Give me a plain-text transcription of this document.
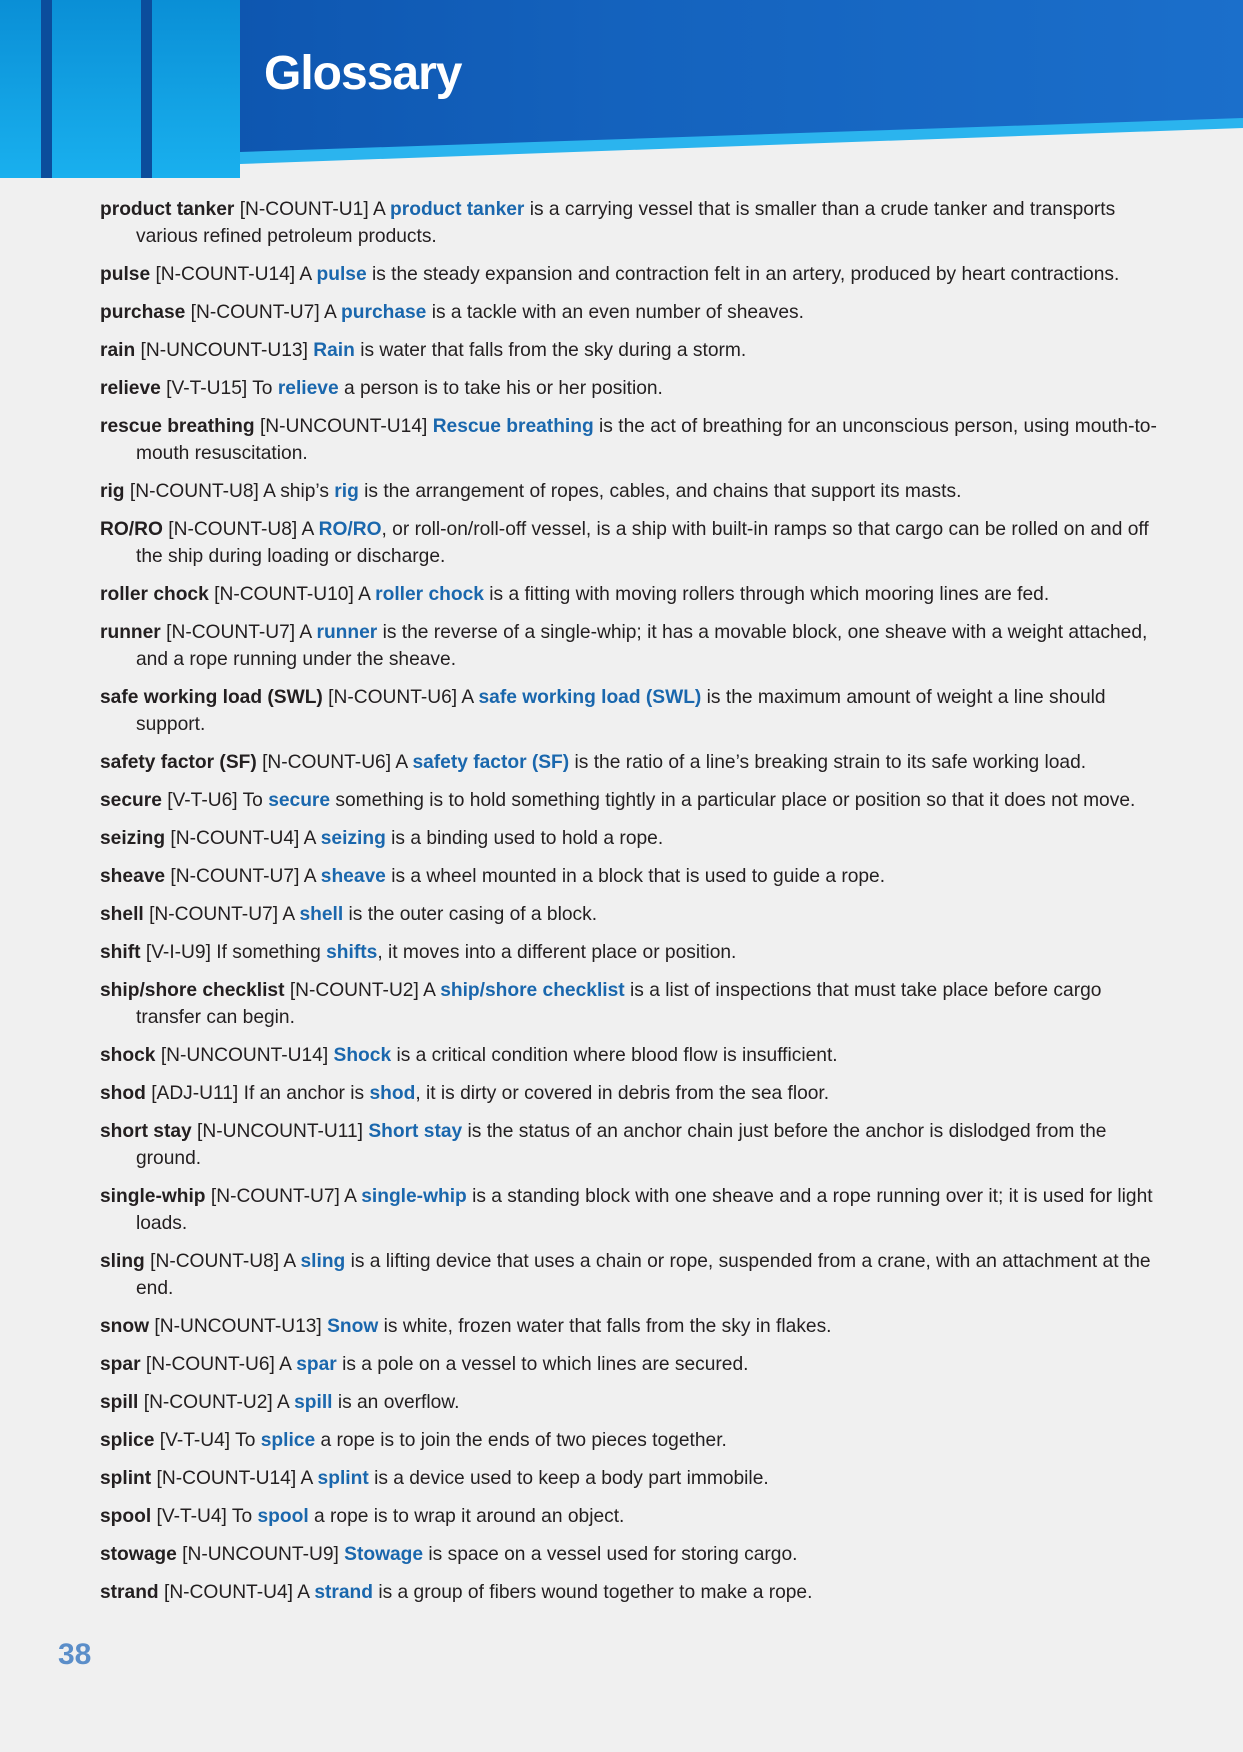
Glossary

product tanker [N-COUNT-U1] A product tanker is a carrying vessel that is smaller than a crude tanker and transports various refined petroleum products.

pulse [N-COUNT-U14] A pulse is the steady expansion and contraction felt in an artery, produced by heart contractions.

purchase [N-COUNT-U7] A purchase is a tackle with an even number of sheaves.

rain [N-UNCOUNT-U13] Rain is water that falls from the sky during a storm.

relieve [V-T-U15] To relieve a person is to take his or her position.

rescue breathing [N-UNCOUNT-U14] Rescue breathing is the act of breathing for an unconscious person, using mouth-to-mouth resuscitation.

rig [N-COUNT-U8] A ship’s rig is the arrangement of ropes, cables, and chains that support its masts.

RO/RO [N-COUNT-U8] A RO/RO, or roll-on/roll-off vessel, is a ship with built-in ramps so that cargo can be rolled on and off the ship during loading or discharge.

roller chock [N-COUNT-U10] A roller chock is a fitting with moving rollers through which mooring lines are fed.

runner [N-COUNT-U7] A runner is the reverse of a single-whip; it has a movable block, one sheave with a weight attached, and a rope running under the sheave.

safe working load (SWL) [N-COUNT-U6] A safe working load (SWL) is the maximum amount of weight a line should support.

safety factor (SF) [N-COUNT-U6] A safety factor (SF) is the ratio of a line’s breaking strain to its safe working load.

secure [V-T-U6] To secure something is to hold something tightly in a particular place or position so that it does not move.

seizing [N-COUNT-U4] A seizing is a binding used to hold a rope.

sheave [N-COUNT-U7] A sheave is a wheel mounted in a block that is used to guide a rope.

shell [N-COUNT-U7] A shell is the outer casing of a block.

shift [V-I-U9] If something shifts, it moves into a different place or position.

ship/shore checklist [N-COUNT-U2] A ship/shore checklist is a list of inspections that must take place before cargo transfer can begin.

shock [N-UNCOUNT-U14] Shock is a critical condition where blood flow is insufficient.

shod [ADJ-U11] If an anchor is shod, it is dirty or covered in debris from the sea floor.

short stay [N-UNCOUNT-U11] Short stay is the status of an anchor chain just before the anchor is dislodged from the ground.

single-whip [N-COUNT-U7] A single-whip is a standing block with one sheave and a rope running over it; it is used for light loads.

sling [N-COUNT-U8] A sling is a lifting device that uses a chain or rope, suspended from a crane, with an attachment at the end.

snow [N-UNCOUNT-U13] Snow is white, frozen water that falls from the sky in flakes.

spar [N-COUNT-U6] A spar is a pole on a vessel to which lines are secured.

spill [N-COUNT-U2] A spill is an overflow.

splice [V-T-U4] To splice a rope is to join the ends of two pieces together.

splint [N-COUNT-U14] A splint is a device used to keep a body part immobile.

spool [V-T-U4] To spool a rope is to wrap it around an object.

stowage [N-UNCOUNT-U9] Stowage is space on a vessel used for storing cargo.

strand [N-COUNT-U4] A strand is a group of fibers wound together to make a rope.

38
